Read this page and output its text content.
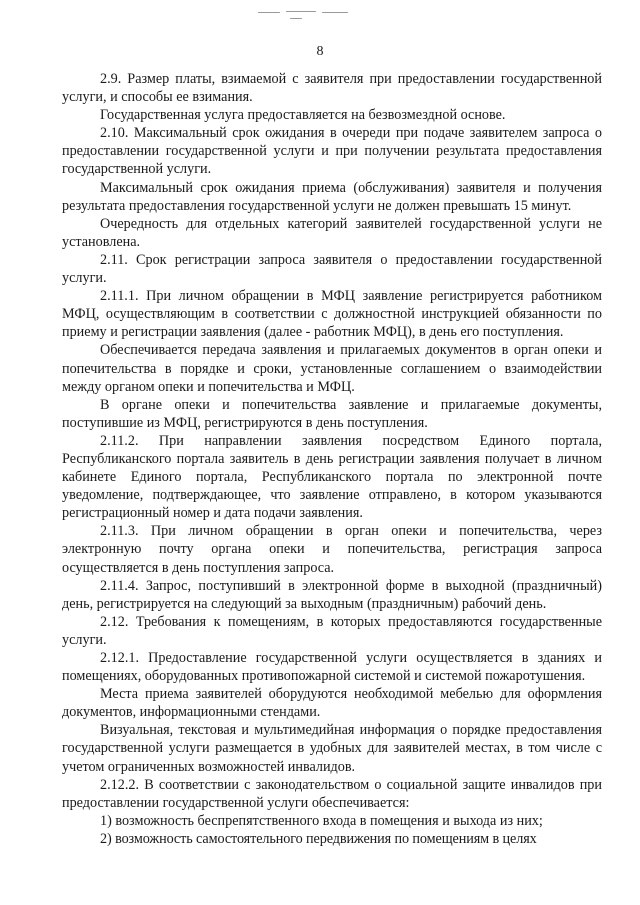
8

2.9. Размер платы, взимаемой с заявителя при предоставлении государственной услуги, и способы ее взимания.

Государственная услуга предоставляется на безвозмездной основе.

2.10. Максимальный срок ожидания в очереди при подаче заявителем запроса о предоставлении государственной услуги и при получении результата предоставления государственной услуги.

Максимальный срок ожидания приема (обслуживания) заявителя и получения результата предоставления государственной услуги не должен превышать 15 минут.

Очередность для отдельных категорий заявителей государственной услуги не установлена.

2.11. Срок регистрации запроса заявителя о предоставлении государственной услуги.

2.11.1. При личном обращении в МФЦ заявление регистрируется работником МФЦ, осуществляющим в соответствии с должностной инструкцией обязанности по приему и регистрации заявления (далее - работник МФЦ), в день его поступления.

Обеспечивается передача заявления и прилагаемых документов в орган опеки и попечительства в порядке и сроки, установленные соглашением о взаимодействии между органом опеки и попечительства и МФЦ.

В органе опеки и попечительства заявление и прилагаемые документы, поступившие из МФЦ, регистрируются в день поступления.

2.11.2. При направлении заявления посредством Единого портала, Республиканского портала заявитель в день регистрации заявления получает в личном кабинете Единого портала, Республиканского портала по электронной почте уведомление, подтверждающее, что заявление отправлено, в котором указываются регистрационный номер и дата подачи заявления.

2.11.3. При личном обращении в орган опеки и попечительства, через электронную почту органа опеки и попечительства, регистрация запроса осуществляется в день поступления запроса.

2.11.4. Запрос, поступивший в электронной форме в выходной (праздничный) день, регистрируется на следующий за выходным (праздничным) рабочий день.

2.12. Требования к помещениям, в которых предоставляются государственные услуги.

2.12.1. Предоставление государственной услуги осуществляется в зданиях и помещениях, оборудованных противопожарной системой и системой пожаротушения.

Места приема заявителей оборудуются необходимой мебелью для оформления документов, информационными стендами.

Визуальная, текстовая и мультимедийная информация о порядке предоставления государственной услуги размещается в удобных для заявителей местах, в том числе с учетом ограниченных возможностей инвалидов.

2.12.2. В соответствии с законодательством о социальной защите инвалидов при предоставлении государственной услуги обеспечивается:

1) возможность беспрепятственного входа в помещения и выхода из них;

2) возможность самостоятельного передвижения по помещениям в целях
